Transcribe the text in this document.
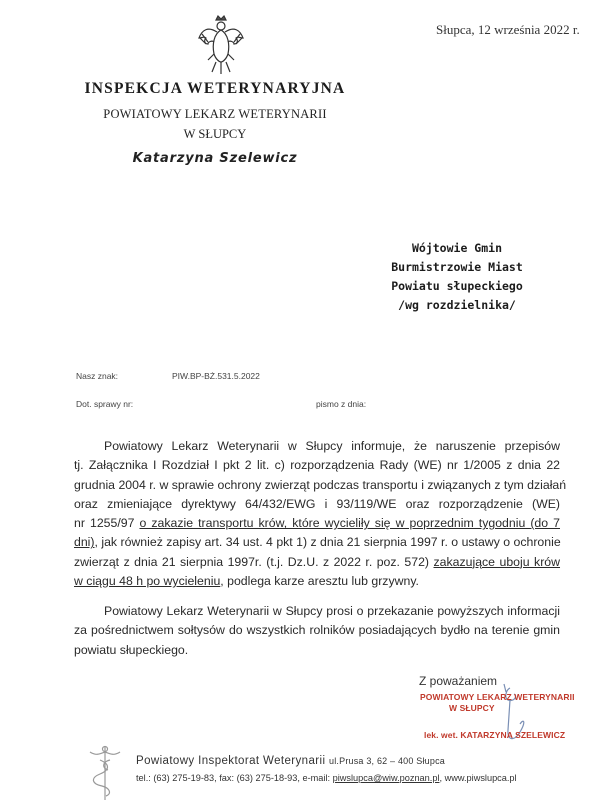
Słupca, 12 września 2022 r.
INSPEKCJA WETERYNARYJNA
POWIATOWY LEKARZ WETERYNARII
W SŁUPCY
Katarzyna Szelewicz
Wójtowie Gmin
Burmistrzowie Miast
Powiatu słupeckiego
/wg rozdzielnika/
Nasz znak:	PIW.BP-BŻ.531.5.2022
Dot. sprawy nr:	pismo z dnia:
Powiatowy Lekarz Weterynarii w Słupcy informuje, że naruszenie przepisów
tj. Załącznika I Rozdział I pkt 2 lit. c) rozporządzenia Rady (WE) nr 1/2005 z dnia 22
grudnia 2004 r. w sprawie ochrony zwierząt podczas transportu i związanych z tym działań
oraz zmieniające dyrektywy 64/432/EWG i 93/119/WE oraz rozporządzenie (WE)
nr 1255/97 o zakazie transportu krów, które wycieliły się w poprzednim tygodniu (do 7
dni), jak również zapisy art. 34 ust. 4 pkt 1) z dnia 21 sierpnia 1997 r. o ustawy o ochronie
zwierząt z dnia 21 sierpnia 1997r. (t.j. Dz.U. z 2022 r. poz. 572) zakazujące uboju krów
w ciągu 48 h po wycieleniu, podlega karze aresztu lub grzywny.
Powiatowy Lekarz Weterynarii w Słupcy prosi o przekazanie powyższych informacji
za pośrednictwem sołtysów do wszystkich rolników posiadających bydło na terenie gmin
powiatu słupeckiego.
Z poważaniem
POWIATOWY LEKARZ WETERYNARII
W SŁUPCY
lek. wet. KATARZYNA SZELEWICZ
Powiatowy Inspektorat Weterynarii ul.Prusa 3, 62 – 400 Słupca
tel.: (63) 275-19-83, fax: (63) 275-18-93, e-mail: piwslupca@wiw.poznan.pl, www.piwslupca.pl
